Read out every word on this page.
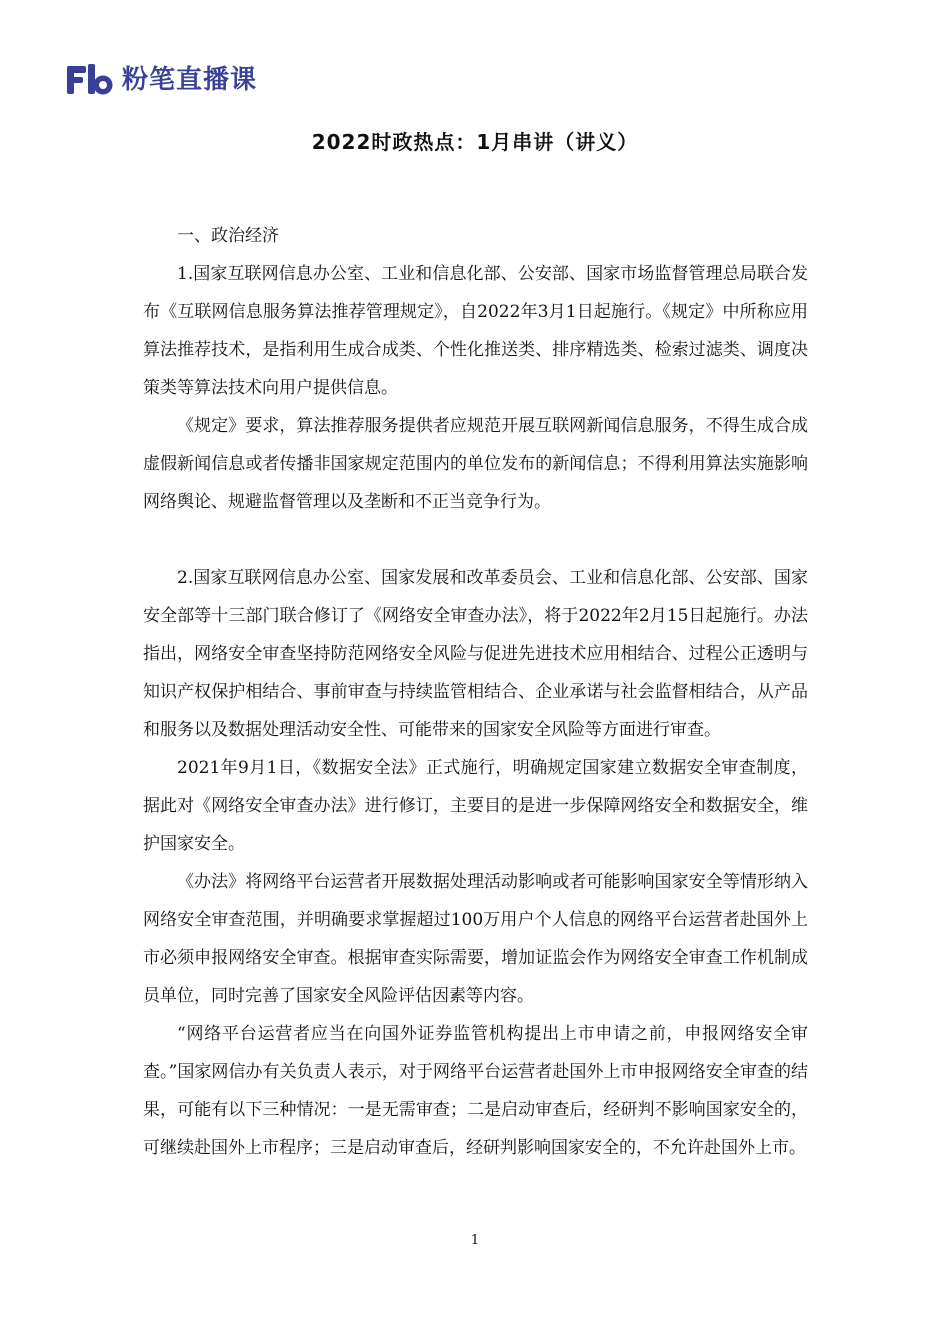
粉笔直播课
2022时政热点：1月串讲（讲义）

一、政治经济

1.国家互联网信息办公室、工业和信息化部、公安部、国家市场监督管理总局联合发布《互联网信息服务算法推荐管理规定》，自2022年3月1日起施行。《规定》中所称应用算法推荐技术，是指利用生成合成类、个性化推送类、排序精选类、检索过滤类、调度决策类等算法技术向用户提供信息。

《规定》要求，算法推荐服务提供者应规范开展互联网新闻信息服务，不得生成合成虚假新闻信息或者传播非国家规定范围内的单位发布的新闻信息；不得利用算法实施影响网络舆论、规避监督管理以及垄断和不正当竞争行为。

2.国家互联网信息办公室、国家发展和改革委员会、工业和信息化部、公安部、国家安全部等十三部门联合修订了《网络安全审查办法》，将于2022年2月15日起施行。办法指出，网络安全审查坚持防范网络安全风险与促进先进技术应用相结合、过程公正透明与知识产权保护相结合、事前审查与持续监管相结合、企业承诺与社会监督相结合，从产品和服务以及数据处理活动安全性、可能带来的国家安全风险等方面进行审查。

2021年9月1日，《数据安全法》正式施行，明确规定国家建立数据安全审查制度，据此对《网络安全审查办法》进行修订，主要目的是进一步保障网络安全和数据安全，维护国家安全。

《办法》将网络平台运营者开展数据处理活动影响或者可能影响国家安全等情形纳入网络安全审查范围，并明确要求掌握超过100万用户个人信息的网络平台运营者赴国外上市必须申报网络安全审查。根据审查实际需要，增加证监会作为网络安全审查工作机制成员单位，同时完善了国家安全风险评估因素等内容。

“网络平台运营者应当在向国外证券监管机构提出上市申请之前，申报网络安全审查。”国家网信办有关负责人表示，对于网络平台运营者赴国外上市申报网络安全审查的结果，可能有以下三种情况：一是无需审查；二是启动审查后，经研判不影响国家安全的，可继续赴国外上市程序；三是启动审查后，经研判影响国家安全的，不允许赴国外上市。

1
